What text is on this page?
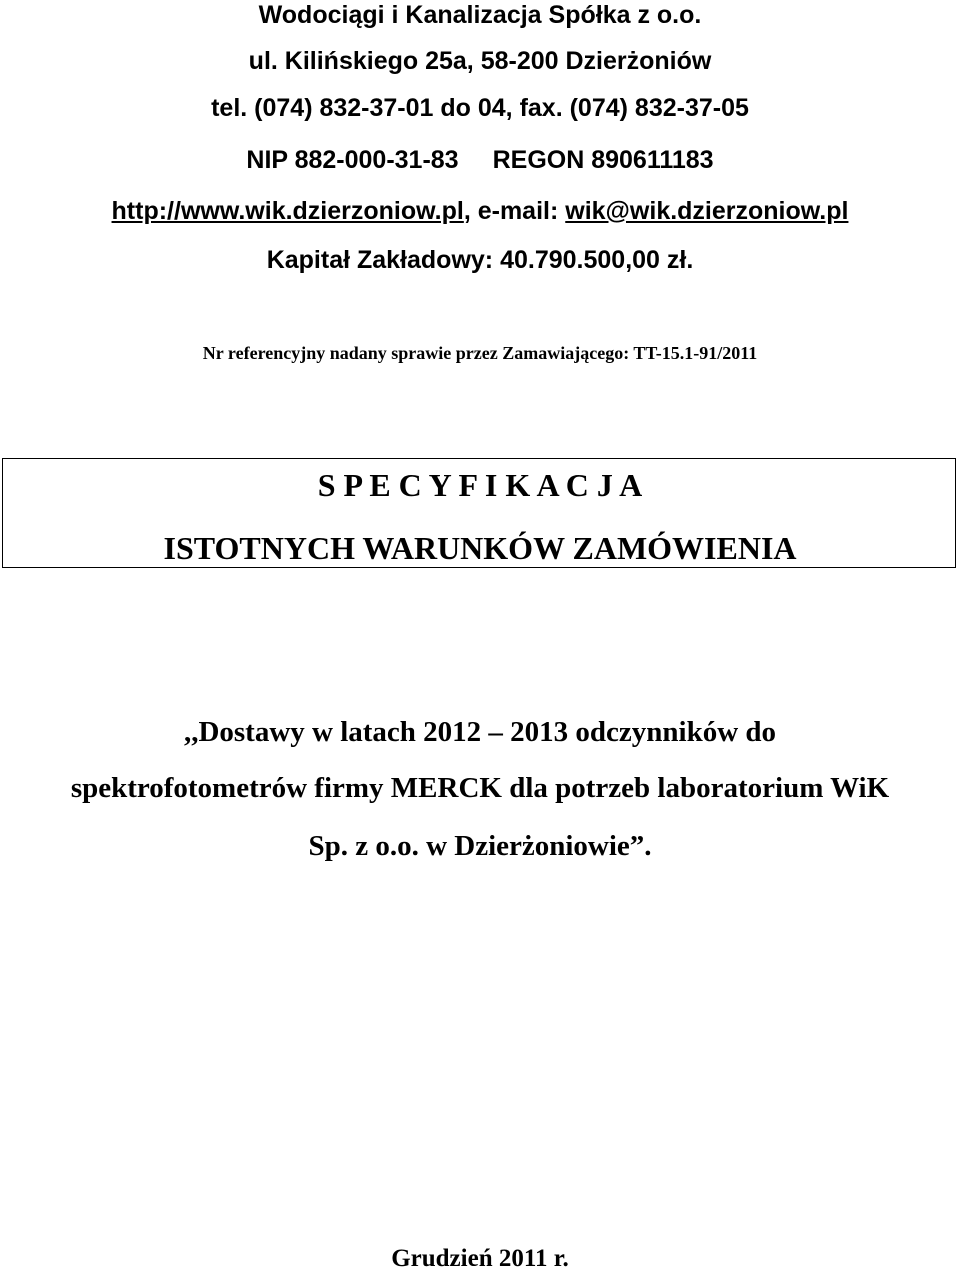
Wodociągi i Kanalizacja Spółka z o.o.
ul. Kilińskiego 25a, 58-200 Dzierżoniów
tel. (074) 832-37-01 do 04, fax. (074) 832-37-05
NIP 882-000-31-83 REGON 890611183
http://www.wik.dzierzoniow.pl, e-mail: wik@wik.dzierzoniow.pl
Kapitał Zakładowy: 40.790.500,00 zł.
Nr referencyjny nadany sprawie przez Zamawiającego: TT-15.1-91/2011
S P E C Y F I K A C J A
ISTOTNYCH WARUNKÓW ZAMÓWIENIA
,,Dostawy w latach 2012 – 2013 odczynników do
spektrofotometrów firmy MERCK dla potrzeb laboratorium WiK
Sp. z o.o. w Dzierżoniowie”.
Grudzień 2011 r.
